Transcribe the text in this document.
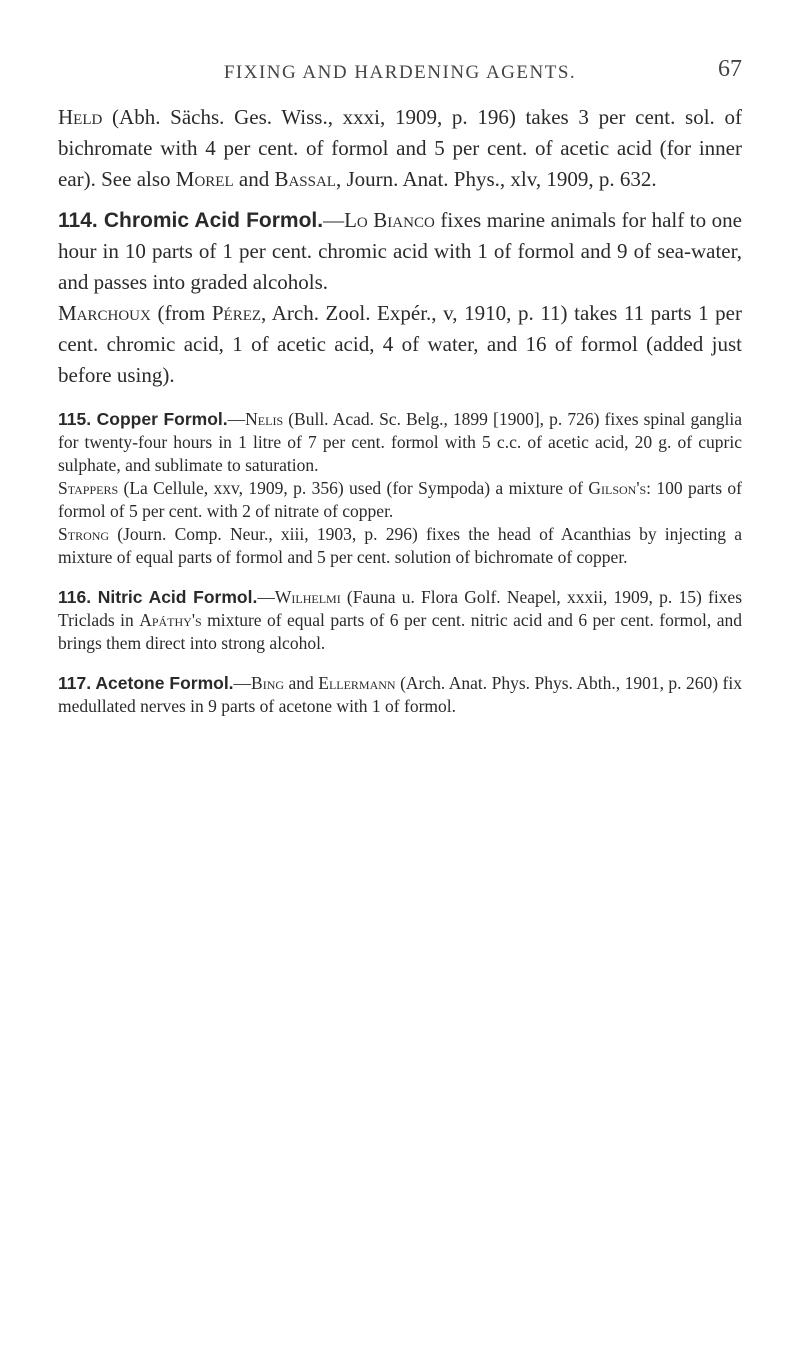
FIXING AND HARDENING AGENTS.	67

Held (Abh. Sächs. Ges. Wiss., xxxi, 1909, p. 196) takes 3 per cent. sol. of bichromate with 4 per cent. of formol and 5 per cent. of acetic acid (for inner ear). See also Morel and Bassal, Journ. Anat. Phys., xlv, 1909, p. 632.

114. Chromic Acid Formol.—Lo Bianco fixes marine animals for half to one hour in 10 parts of 1 per cent. chromic acid with 1 of formol and 9 of sea-water, and passes into graded alcohols.

Marchoux (from Pérez, Arch. Zool. Expér., v, 1910, p. 11) takes 11 parts 1 per cent. chromic acid, 1 of acetic acid, 4 of water, and 16 of formol (added just before using).

115. Copper Formol.—Nelis (Bull. Acad. Sc. Belg., 1899 [1900], p. 726) fixes spinal ganglia for twenty-four hours in 1 litre of 7 per cent. formol with 5 c.c. of acetic acid, 20 g. of cupric sulphate, and sublimate to saturation.

Stappers (La Cellule, xxv, 1909, p. 356) used (for Sympoda) a mixture of Gilson's: 100 parts of formol of 5 per cent. with 2 of nitrate of copper.

Strong (Journ. Comp. Neur., xiii, 1903, p. 296) fixes the head of Acanthias by injecting a mixture of equal parts of formol and 5 per cent. solution of bichromate of copper.

116. Nitric Acid Formol.—Wilhelmi (Fauna u. Flora Golf. Neapel, xxxii, 1909, p. 15) fixes Triclads in Apáthy's mixture of equal parts of 6 per cent. nitric acid and 6 per cent. formol, and brings them direct into strong alcohol.

117. Acetone Formol.—Bing and Ellermann (Arch. Anat. Phys. Phys. Abth., 1901, p. 260) fix medullated nerves in 9 parts of acetone with 1 of formol.
